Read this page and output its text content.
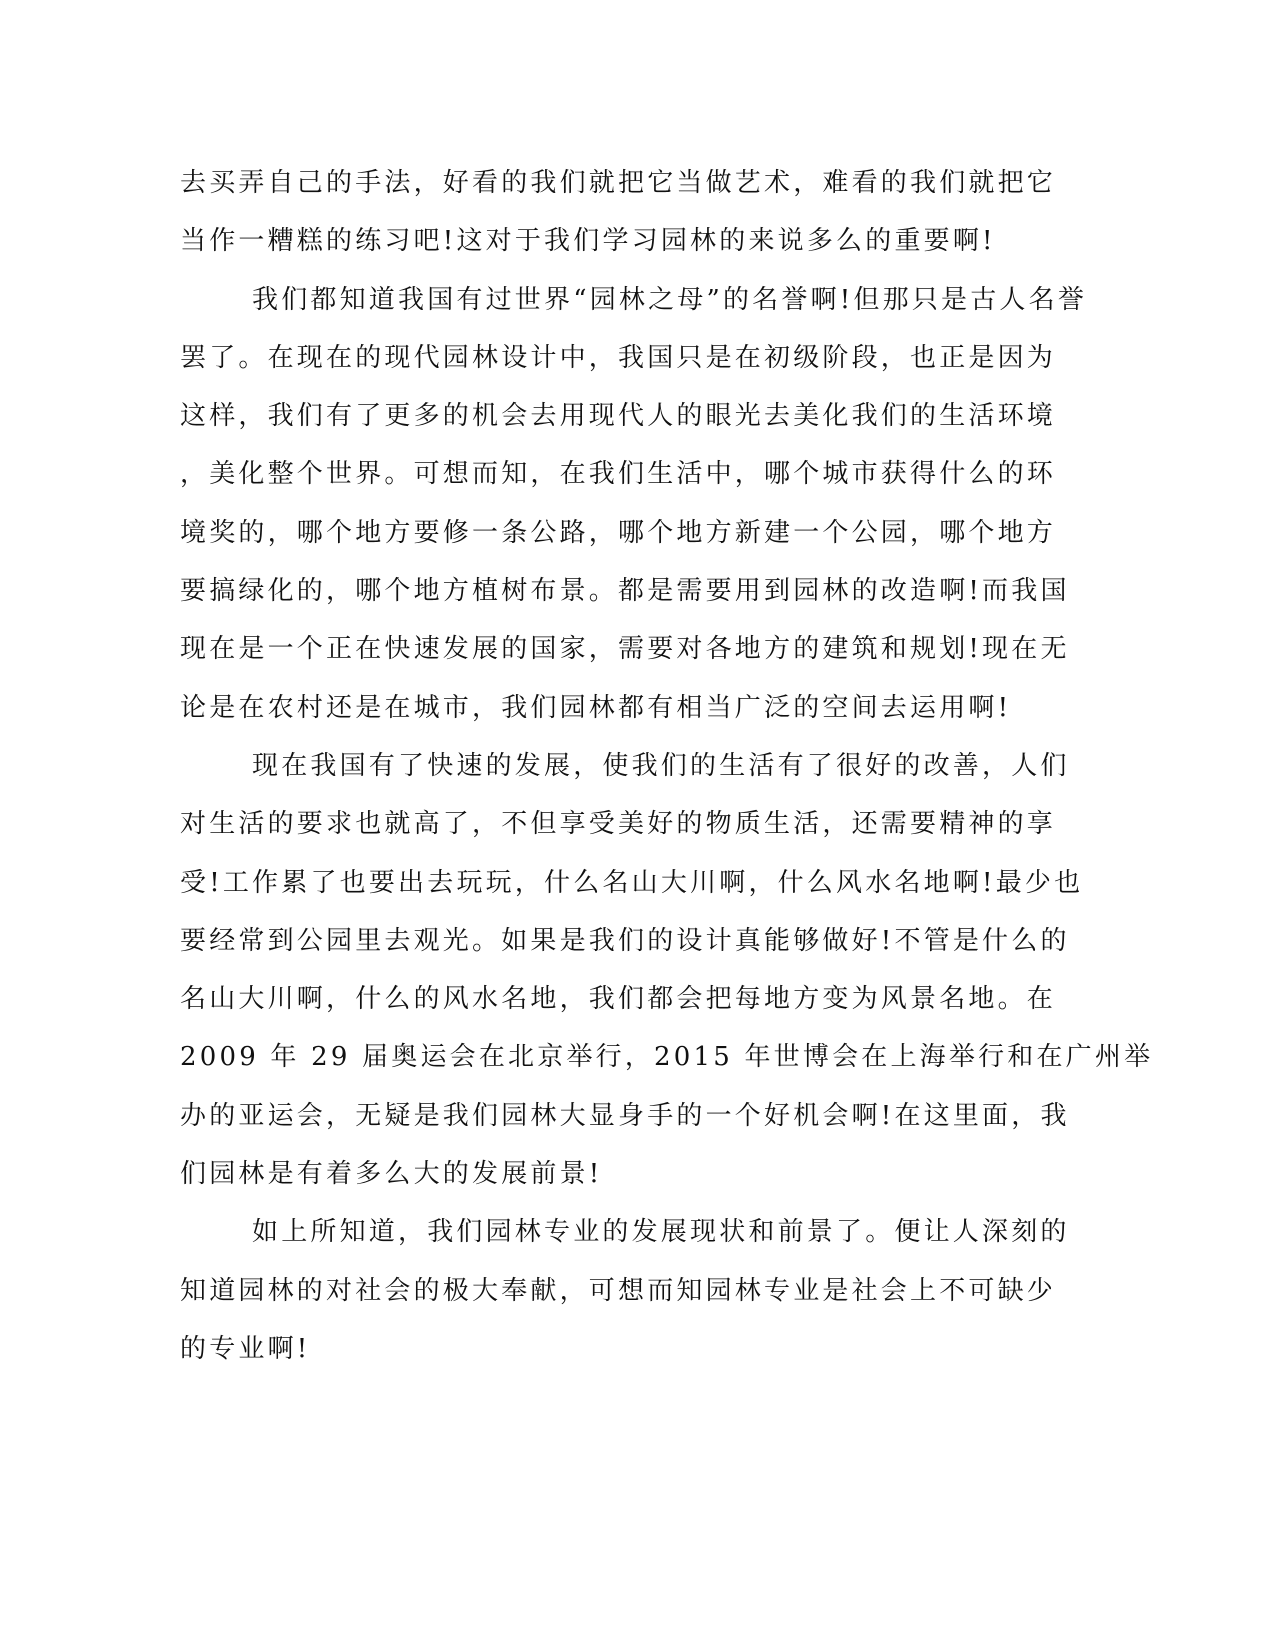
去买弄自己的手法，好看的我们就把它当做艺术，难看的我们就把它

当作一糟糕的练习吧!这对于我们学习园林的来说多么的重要啊!

我们都知道我国有过世界“园林之母”的名誉啊!但那只是古人名誉

罢了。在现在的现代园林设计中，我国只是在初级阶段，也正是因为

这样，我们有了更多的机会去用现代人的眼光去美化我们的生活环境

，美化整个世界。可想而知，在我们生活中，哪个城市获得什么的环

境奖的，哪个地方要修一条公路，哪个地方新建一个公园，哪个地方

要搞绿化的，哪个地方植树布景。都是需要用到园林的改造啊!而我国

现在是一个正在快速发展的国家，需要对各地方的建筑和规划!现在无

论是在农村还是在城市，我们园林都有相当广泛的空间去运用啊!

现在我国有了快速的发展，使我们的生活有了很好的改善，人们

对生活的要求也就高了，不但享受美好的物质生活，还需要精神的享

受!工作累了也要出去玩玩，什么名山大川啊，什么风水名地啊!最少也

要经常到公园里去观光。如果是我们的设计真能够做好!不管是什么的

名山大川啊，什么的风水名地，我们都会把每地方变为风景名地。在

2009 年 29 届奥运会在北京举行，2015 年世博会在上海举行和在广州举

办的亚运会，无疑是我们园林大显身手的一个好机会啊!在这里面，我

们园林是有着多么大的发展前景!

如上所知道，我们园林专业的发展现状和前景了。便让人深刻的

知道园林的对社会的极大奉献，可想而知园林专业是社会上不可缺少

的专业啊!
